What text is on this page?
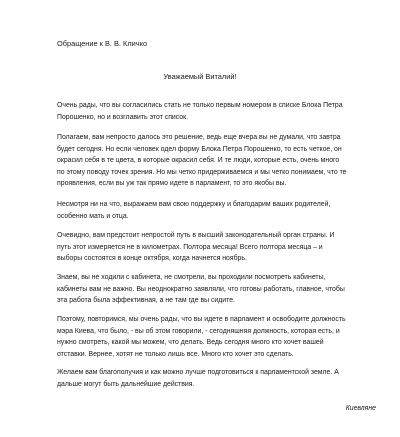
Обращение к В. В. Кличко
Уважаемый Виталий!
Очень рады, что вы согласились стать не только первым номером в списке Блока Петра
Порошенко, но и возглавить этот список.
Полагаем, вам непросто далось это решение, ведь еще вчера вы не думали, что завтра
будет сегодня. Но если человек одел форму Блока Петра Порошенко, то есть четкое, он
окрасил себя в те цвета, в которые окрасил себя. И те люди, которые есть, очень много
по этому поводу точек зрения. Но мы четко придерживаемся и мы четко понимаем, что те
проявления, если вы уж так прямо идете в парламент, то это якобы вы.
Несмотря ни на что, выражаем вам свою поддержку и благодарим ваших родителей,
особенно мать и отца.
Очевидно, вам предстоит непростой путь в высший законодательный орган страны. И
путь этот измеряется не в километрах. Полтора месяца! Всего полтора месяца – и
выборы состоятся в конце октября, когда начнется ноябрь.
Знаем, вы не ходили с кабинета, не смотрели, вы проходили посмотреть кабинеты,
кабинеты вам не важно. Вы неоднократно заявляли, что готовы работать, главное, чтобы
эта работа была эффективная, а не там где вы сидите.
Поэтому, повторимся, мы очень рады, что вы идете в парламент и освободите должность
мэра Киева, что было, - вы об этом говорили, - сегодняшняя должность, которая есть, и
нужно смотреть, какой мы можем, что делать. Ведь сегодня много кто хочет вашей
отставки. Вернее, хотят не только лишь все. Много кто хочет это сделать.
Желаем вам благополучия и как можно лучше подготовиться к парламентской земле. А
дальше могут быть дальнейшие действия.
Киевляне
